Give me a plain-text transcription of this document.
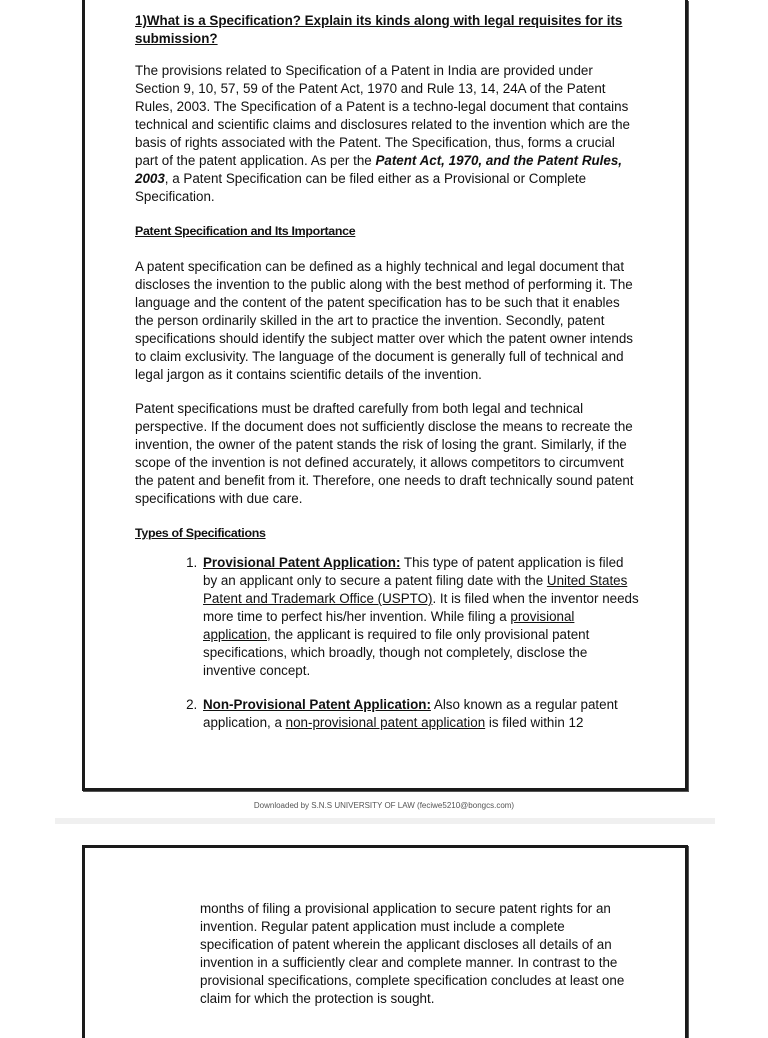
1)What is a Specification? Explain its kinds along with legal requisites for its submission?

The provisions related to Specification of a Patent in India are provided under Section 9, 10, 57, 59 of the Patent Act, 1970 and Rule 13, 14, 24A of the Patent Rules, 2003. The Specification of a Patent is a techno-legal document that contains technical and scientific claims and disclosures related to the invention which are the basis of rights associated with the Patent. The Specification, thus, forms a crucial part of the patent application. As per the Patent Act, 1970, and the Patent Rules, 2003, a Patent Specification can be filed either as a Provisional or Complete Specification.

Patent Specification and Its Importance

A patent specification can be defined as a highly technical and legal document that discloses the invention to the public along with the best method of performing it. The language and the content of the patent specification has to be such that it enables the person ordinarily skilled in the art to practice the invention. Secondly, patent specifications should identify the subject matter over which the patent owner intends to claim exclusivity. The language of the document is generally full of technical and legal jargon as it contains scientific details of the invention.

Patent specifications must be drafted carefully from both legal and technical perspective. If the document does not sufficiently disclose the means to recreate the invention, the owner of the patent stands the risk of losing the grant. Similarly, if the scope of the invention is not defined accurately, it allows competitors to circumvent the patent and benefit from it. Therefore, one needs to draft technically sound patent specifications with due care.

Types of Specifications
1. Provisional Patent Application: This type of patent application is filed by an applicant only to secure a patent filing date with the United States Patent and Trademark Office (USPTO). It is filed when the inventor needs more time to perfect his/her invention. While filing a provisional application, the applicant is required to file only provisional patent specifications, which broadly, though not completely, disclose the inventive concept.
2. Non-Provisional Patent Application: Also known as a regular patent application, a non-provisional patent application is filed within 12
Downloaded by S.N.S UNIVERSITY OF LAW (feciwe5210@bongcs.com)

months of filing a provisional application to secure patent rights for an invention. Regular patent application must include a complete specification of patent wherein the applicant discloses all details of an invention in a sufficiently clear and complete manner. In contrast to the provisional specifications, complete specification concludes at least one claim for which the protection is sought.
